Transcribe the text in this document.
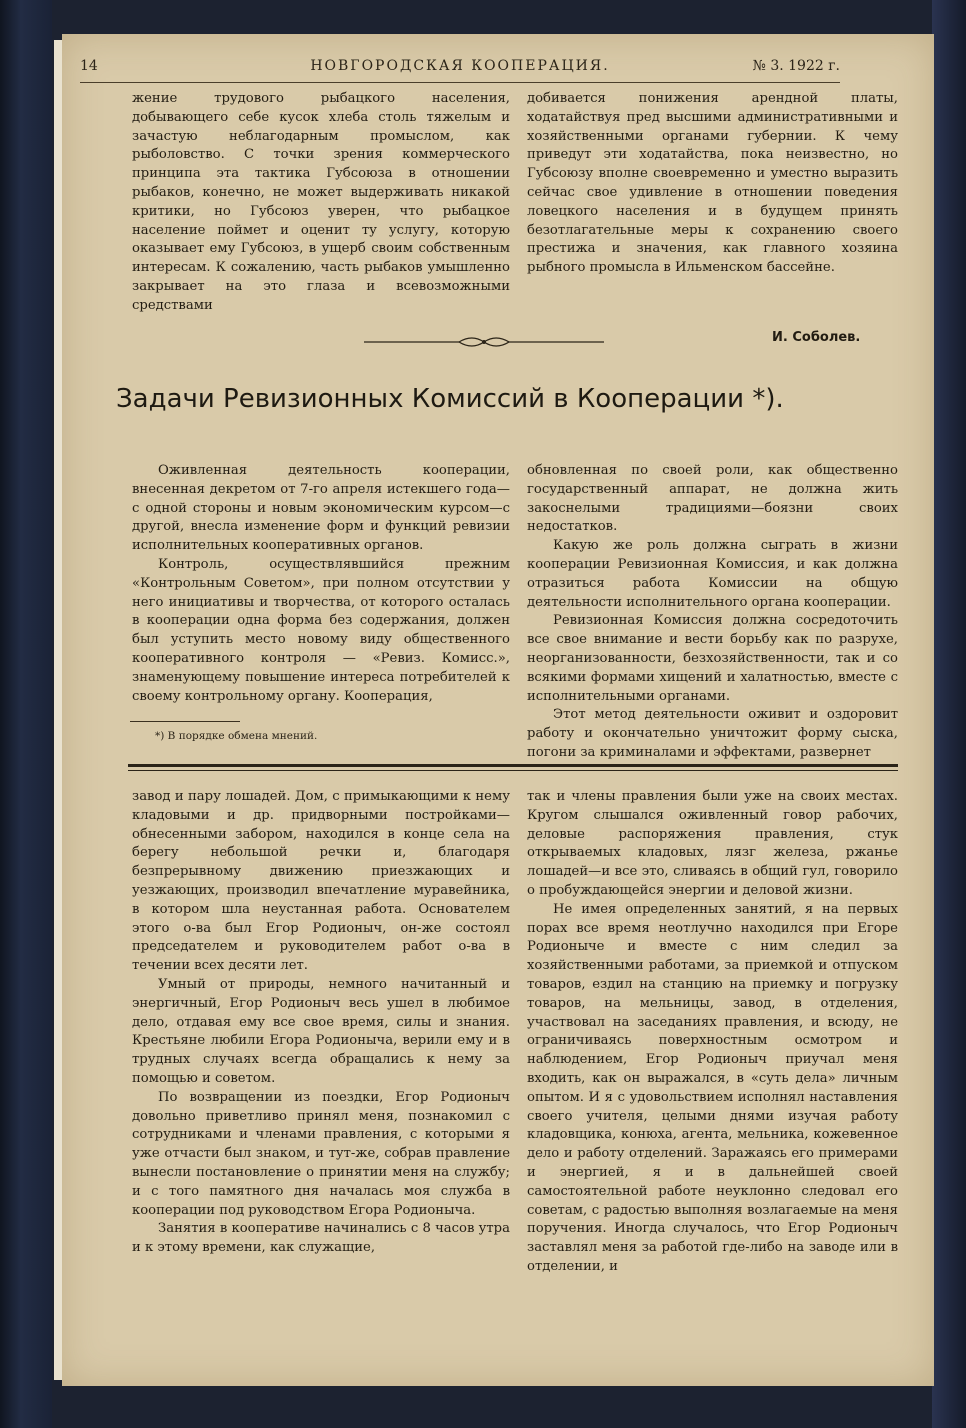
14	НОВГОРОДСКАЯ КООПЕРАЦИЯ.	№ 3. 1922 г.

жение трудового рыбацкого населения, добывающего себе кусок хлеба столь тяжелым и зачастую неблагодарным промыслом, как рыболовство. С точки зрения коммерческого принципа эта тактика Губсоюза в отношении рыбаков, конечно, не может выдерживать никакой критики, но Губсоюз уверен, что рыбацкое население поймет и оценит ту услугу, которую оказывает ему Губсоюз, в ущерб своим собственным интересам. К сожалению, часть рыбаков умышленно закрывает на это глаза и всевозможными средствами

добивается понижения арендной платы, ходатайствуя пред высшими административными и хозяйственными органами губернии. К чему приведут эти ходатайства, пока неизвестно, но Губсоюзу вполне своевременно и уместно выразить сейчас свое удивление в отношении поведения ловецкого населения и в будущем принять безотлагательные меры к сохранению своего престижа и значения, как главного хозяина рыбного промысла в Ильменском бассейне.

И. Соболев.
Задачи Ревизионных Комиссий в Кооперации *).

Оживленная деятельность кооперации, внесенная декретом от 7-го апреля истекшего года— с одной стороны и новым экономическим курсом—с другой, внесла изменение форм и функций ревизии исполнительных кооперативных органов.

Контроль, осуществлявшийся прежним «Контрольным Советом», при полном отсутствии у него инициативы и творчества, от которого осталась в кооперации одна форма без содержания, должен был уступить место новому виду общественного кооперативного контроля — «Ревиз. Комисс.», знаменующему повышение интереса потребителей к своему контрольному органу. Кооперация,

обновленная по своей роли, как общественно государственный аппарат, не должна жить закоснелыми традициями—боязни своих недостатков.

Какую же роль должна сыграть в жизни кооперации Ревизионная Комиссия, и как должна отразиться работа Комиссии на общую деятельности исполнительного органа кооперации.

Ревизионная Комиссия должна сосредоточить все свое внимание и вести борьбу как по разрухе, неорганизованности, безхозяйственности, так и со всякими формами хищений и халатностью, вместе с исполнительными органами.

Этот метод деятельности оживит и оздоровит работу и окончательно уничтожит форму сыска, погони за криминалами и эффектами, развернет

*) В порядке обмена мнений.

завод и пару лошадей. Дом, с примыкающими к нему кладовыми и др. придворными постройками—обнесенными забором, находился в конце села на берегу небольшой речки и, благодаря безпрерывному движению приезжающих и уезжающих, производил впечатление муравейника, в котором шла неустанная работа. Основателем этого о-ва был Егор Родионыч, он-же состоял председателем и руководителем работ о-ва в течении всех десяти лет.

Умный от природы, немного начитанный и энергичный, Егор Родионыч весь ушел в любимое дело, отдавая ему все свое время, силы и знания. Крестьяне любили Егора Родионыча, верили ему и в трудных случаях всегда обращались к нему за помощью и советом.

По возвращении из поездки, Егор Родионыч довольно приветливо принял меня, познакомил с сотрудниками и членами правления, с которыми я уже отчасти был знаком, и тут-же, собрав правление вынесли постановление о принятии меня на службу; и с того памятного дня началась моя служба в кооперации под руководством Егора Родионыча.

Занятия в кооперативе начинались с 8 часов утра и к этому времени, как служащие,

так и члены правления были уже на своих местах. Кругом слышался оживленный говор рабочих, деловые распоряжения правления, стук открываемых кладовых, лязг железа, ржанье лошадей—и все это, сливаясь в общий гул, говорило о пробуждающейся энергии и деловой жизни.

Не имея определенных занятий, я на первых порах все время неотлучно находился при Егоре Родионыче и вместе с ним следил за хозяйственными работами, за приемкой и отпуском товаров, ездил на станцию на приемку и погрузку товаров, на мельницы, завод, в отделения, участвовал на заседаниях правления, и всюду, не ограничиваясь поверхностным осмотром и наблюдением, Егор Родионыч приучал меня входить, как он выражался, в «суть дела» личным опытом. И я с удовольствием исполнял наставления своего учителя, целыми днями изучая работу кладовщика, конюха, агента, мельника, кожевенное дело и работу отделений. Заражаясь его примерами и энергией, я и в дальнейшей своей самостоятельной работе неуклонно следовал его советам, с радостью выполняя возлагаемые на меня поручения. Иногда случалось, что Егор Родионыч заставлял меня за работой где-либо на заводе или в отделении, и
